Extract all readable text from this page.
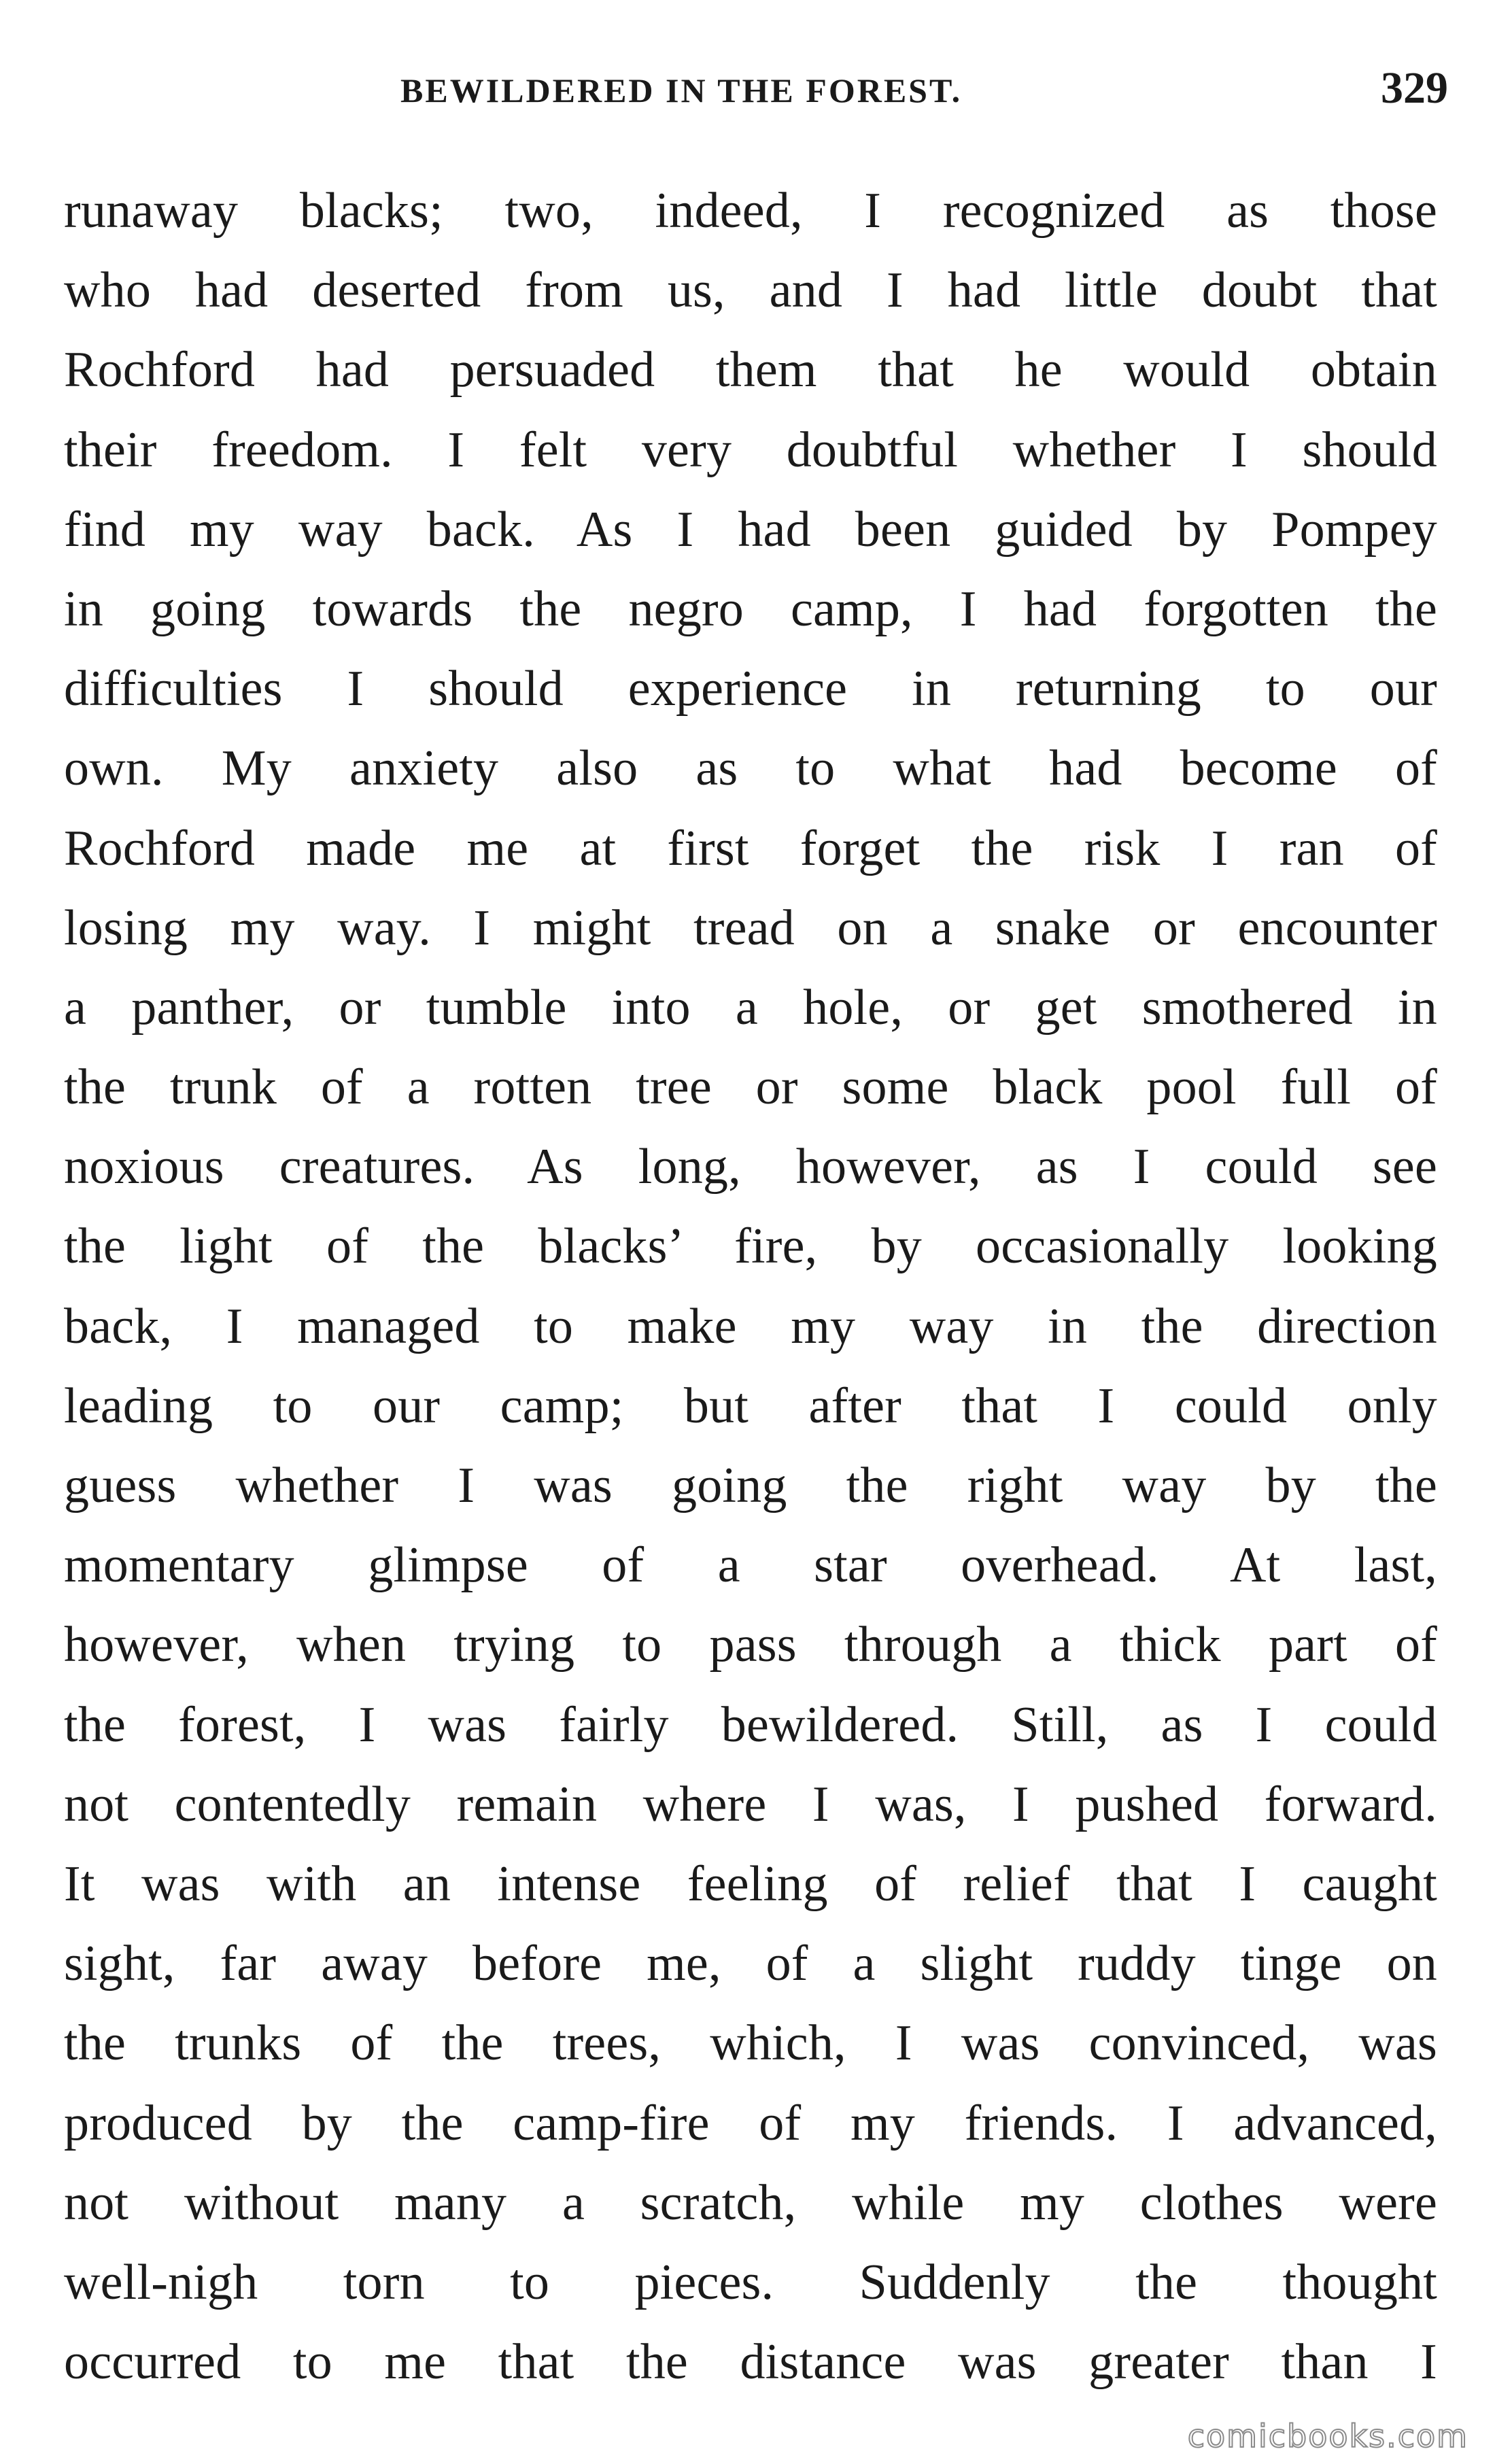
BEWILDERED IN THE FOREST.	329
runaway blacks; two, indeed, I recognized as those
who had deserted from us, and I had little doubt that
Rochford had persuaded them that he would obtain
their freedom. I felt very doubtful whether I should
find my way back. As I had been guided by Pompey
in going towards the negro camp, I had forgotten the
difficulties I should experience in returning to our
own. My anxiety also as to what had become of
Rochford made me at first forget the risk I ran of
losing my way. I might tread on a snake or encounter
a panther, or tumble into a hole, or get smothered in
the trunk of a rotten tree or some black pool full of
noxious creatures. As long, however, as I could see
the light of the blacks’ fire, by occasionally looking
back, I managed to make my way in the direction
leading to our camp; but after that I could only
guess whether I was going the right way by the
momentary glimpse of a star overhead. At last,
however, when trying to pass through a thick part of
the forest, I was fairly bewildered. Still, as I could
not contentedly remain where I was, I pushed forward.
It was with an intense feeling of relief that I caught
sight, far away before me, of a slight ruddy tinge on
the trunks of the trees, which, I was convinced, was
produced by the camp-fire of my friends. I advanced,
not without many a scratch, while my clothes were
well-nigh torn to pieces. Suddenly the thought
occurred to me that the distance was greater than I
comicbooks.com
